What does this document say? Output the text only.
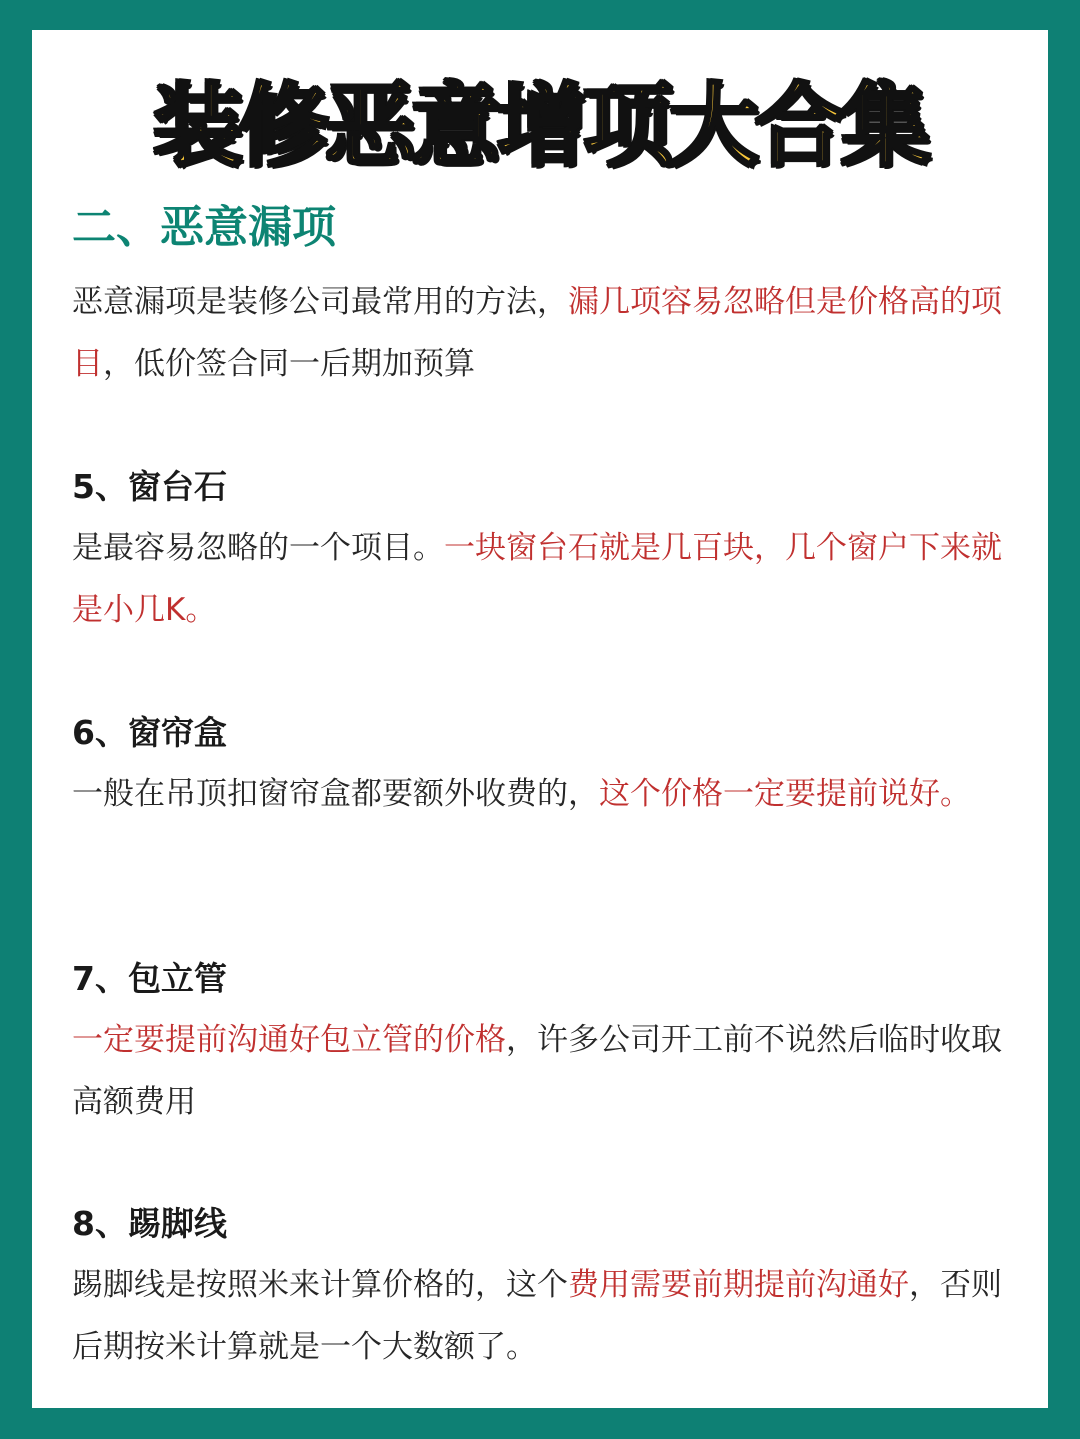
装修恶意增项大合集
二、恶意漏项

恶意漏项是装修公司最常用的方法，漏几项容易忽略但是价格高的项目，低价签合同一后期加预算

5、窗台石

是最容易忽略的一个项目。一块窗台石就是几百块，几个窗户下来就是小几K。

6、窗帘盒

一般在吊顶扣窗帘盒都要额外收费的，这个价格一定要提前说好。

7、包立管

一定要提前沟通好包立管的价格，许多公司开工前不说然后临时收取高额费用

8、踢脚线

踢脚线是按照米来计算价格的，这个费用需要前期提前沟通好，否则后期按米计算就是一个大数额了。
